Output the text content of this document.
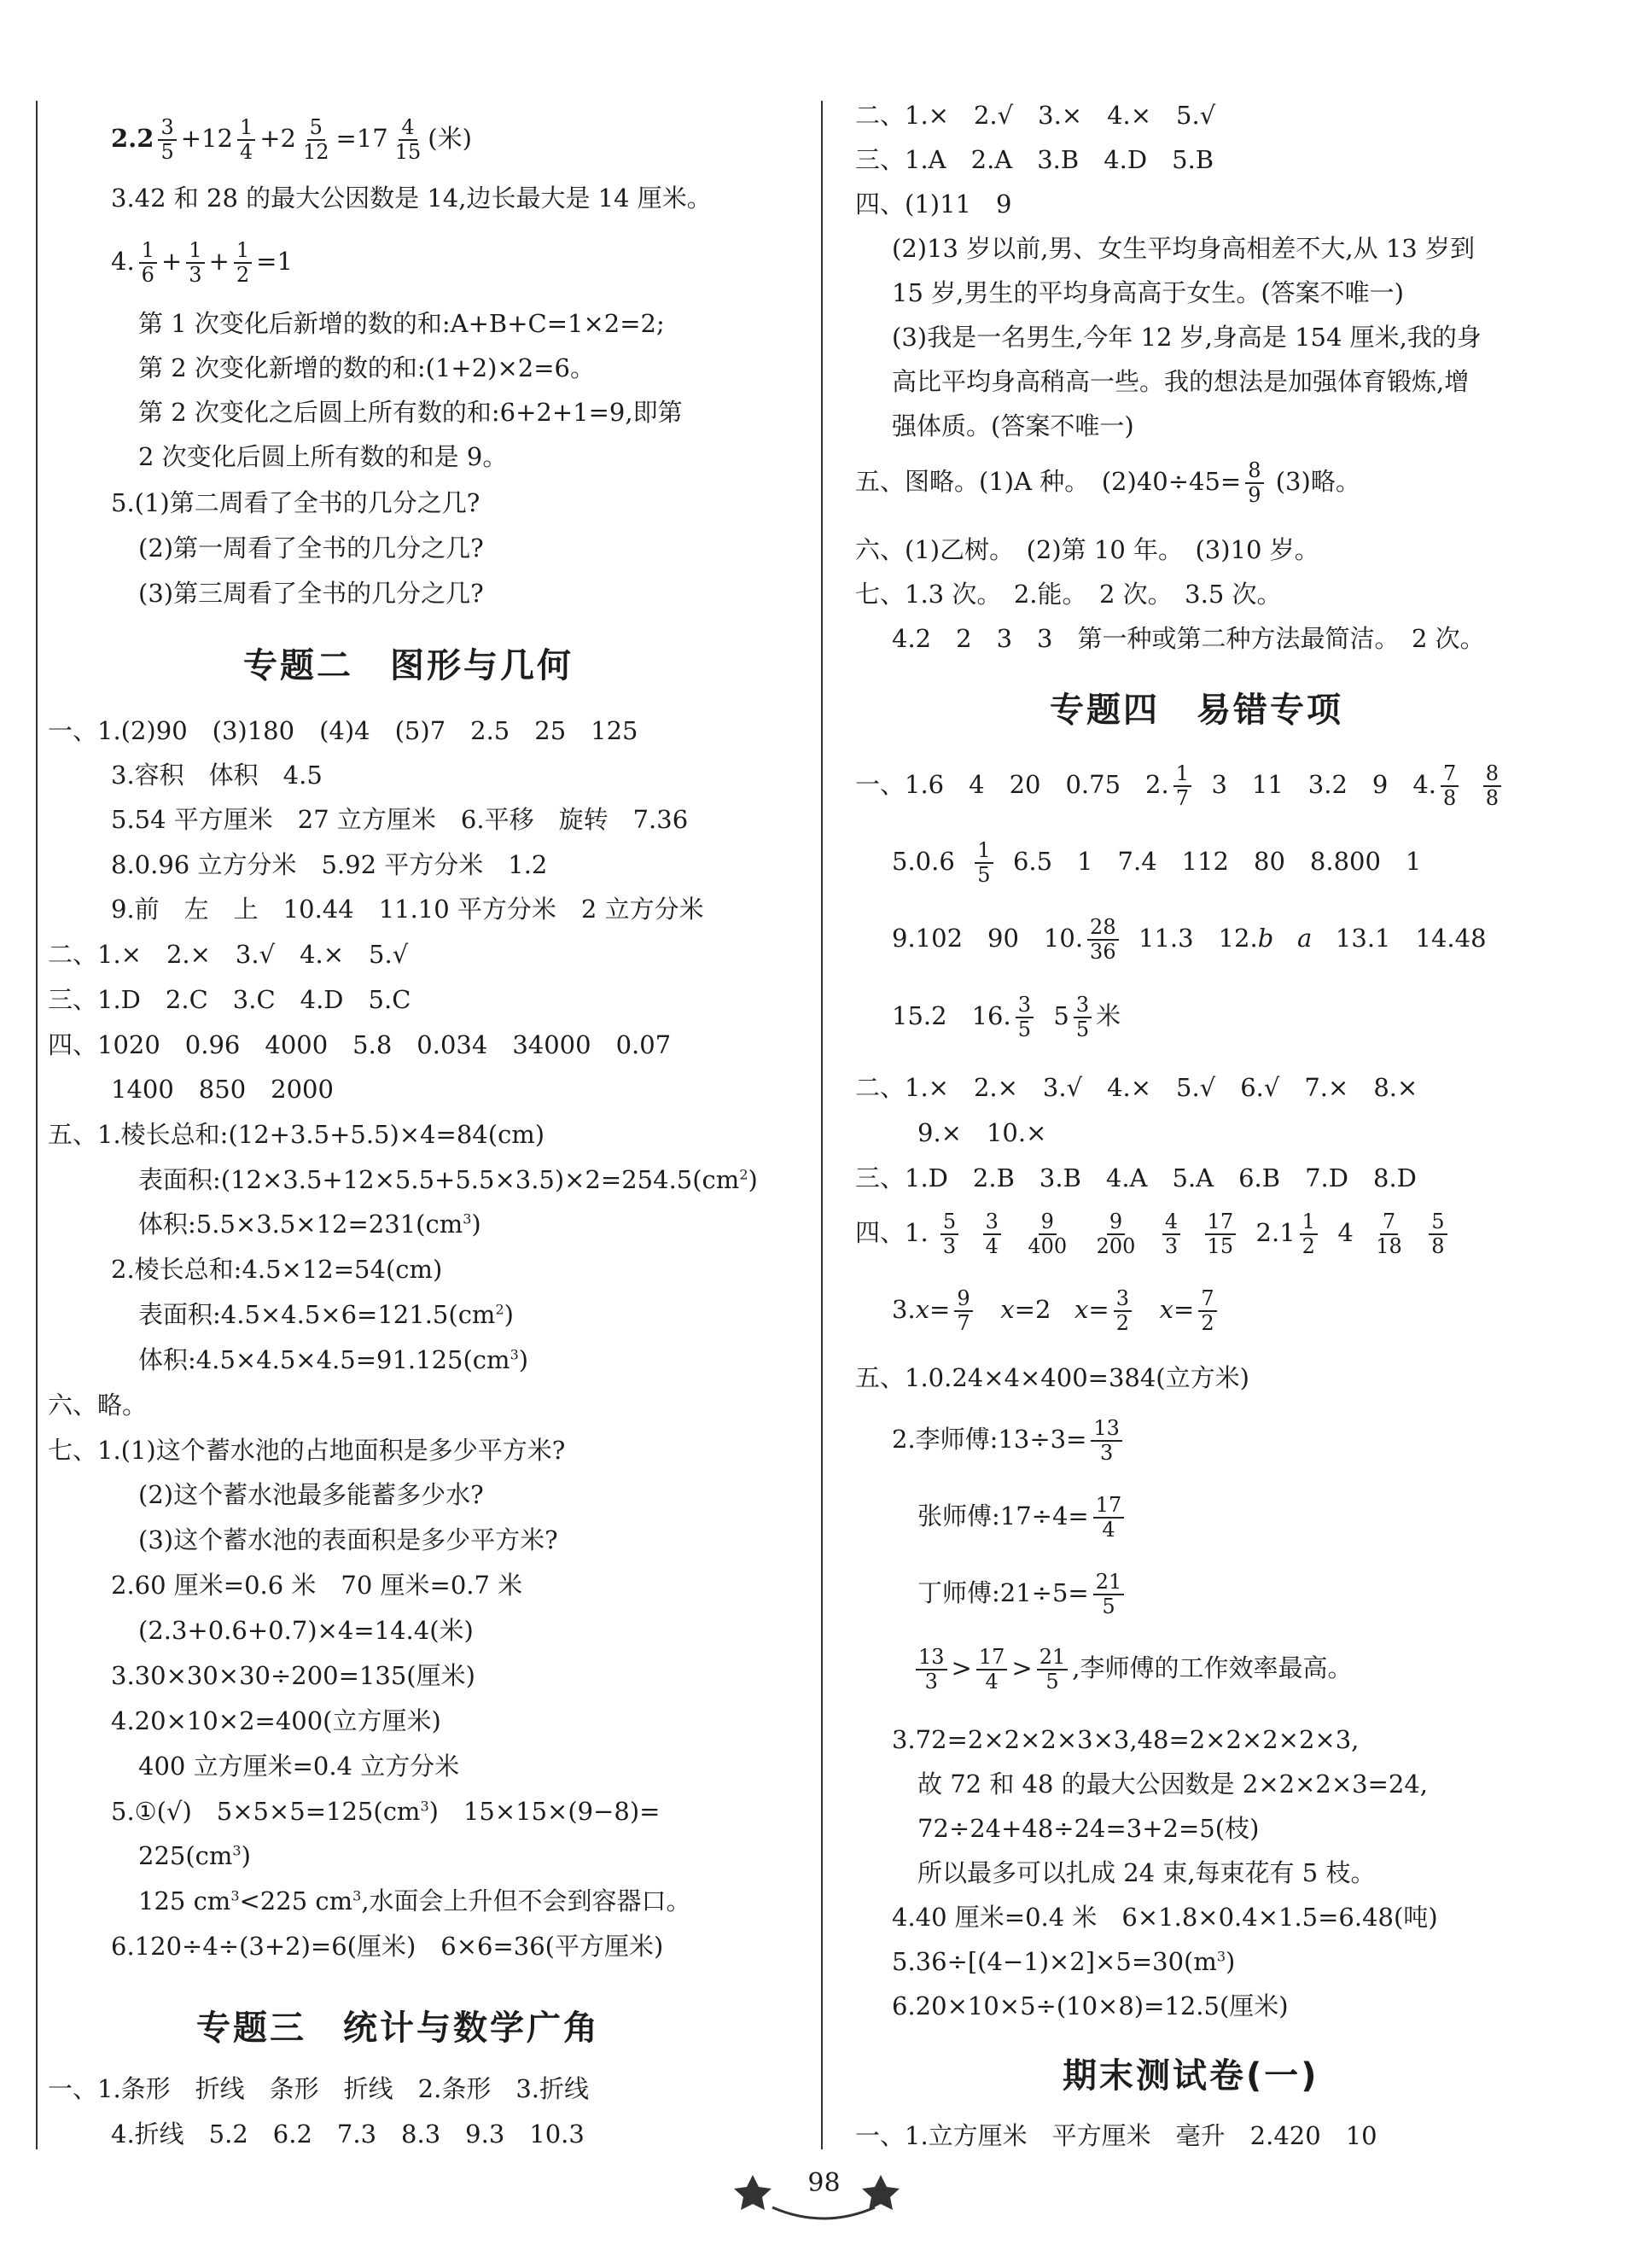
$2.2 \frac{3}{5} +12 \frac{1}{4} +2 \frac{5}{12} =17 \frac{4}{15}$ (米)
3.42 和 28 的最大公因数是 14,边长最大是 14 厘米。
4. $\frac{1}{6} + \frac{1}{3} + \frac{1}{2} =1$
第 1 次变化后新增的数的和:A+B+C=1×2=2;
第 2 次变化新增的数的和:(1+2)×2=6。
第 2 次变化之后圆上所有数的和:6+2+1=9,即第
2 次变化后圆上所有数的和是 9。
5.(1)第二周看了全书的几分之几?
(2)第一周看了全书的几分之几?
(3)第三周看了全书的几分之几?
专题二　图形与几何
一、1.(2)90　(3)180　(4)4　(5)7　2.5　25　125
3.容积　体积　4.5
5.54 平方厘米　27 立方厘米　6.平移　旋转　7.36
8.0.96 立方分米　5.92 平方分米　1.2
9.前　左　上　10.44　11.10 平方分米　2 立方分米
二、1.×　2.×　3.√　4.×　5.√
三、1.D　2.C　3.C　4.D　5.C
四、1020　0.96　4000　5.8　0.034　34000　0.07
1400　850　2000
五、1.棱长总和:(12+3.5+5.5)×4=84(cm)
表面积$:(12\times 3.5+12\times 5.5+5.5\times 3.5)\times 2=254.5(cm^2)$
体积$:5.5\times 3.5\times 12=231(cm^3)$
2.棱长总和:4.5×12=54(cm)
表面积$:4.5\times 4.5\times 6=121.5(cm^2)$
体积$:4.5\times 4.5\times 4.5=91.125(cm^3)$
六、略。
七、1.(1)这个蓄水池的占地面积是多少平方米?
(2)这个蓄水池最多能蓄多少水?
(3)这个蓄水池的表面积是多少平方米?
2.60 厘米=0.6 米　70 厘米=0.7 米
(2.3+0.6+0.7)×4=14.4(米)
3.30×30×30÷200=135(厘米)
4.20×10×2=400(立方厘米)
400 立方厘米=0.4 立方分米
5.①(√)　$5\times 5\times 5=125(cm^3)$　15×15×(9−8)=
$225(cm^3)$
125 $cm^3<225$ $cm^3$,水面会上升但不会到容器口。
6.120÷4÷(3+2)=6(厘米)　6×6=36(平方厘米)
专题三　统计与数学广角
一、1.条形　折线　条形　折线　2.条形　3.折线
4.折线　5.2　6.2　7.3　8.3　9.3　10.3
二、1.×　2.√　3.×　4.×　5.√
三、1.A　2.A　3.B　4.D　5.B
四、(1)11　9
(2)13 岁以前,男、女生平均身高相差不大,从 13 岁到
15 岁,男生的平均身高高于女生。(答案不唯一)
(3)我是一名男生,今年 12 岁,身高是 154 厘米,我的身
高比平均身高稍高一些。我的想法是加强体育锻炼,增
强体质。(答案不唯一)
五、图略。(1)A 种。　$(2)40\div 45= \frac{8}{9} (3)$略。
六、(1)乙树。　(2)第 10 年。　(3)10 岁。
七、1.3 次。　2.能。　2 次。　3.5 次。
4.2　2　3　3　第一种或第二种方法最简洁。　2 次。
专题四　易错专项
一、1.6　4　20　0.75　2. $\frac{1}{7} 3$　11　3.2　9　4. $\frac{7}{8}$
$\frac{8}{8}$
$5.0.6 \frac{1}{5} 6.5$　1　7.4　112　80　8.800　1
9.102　90　10. $\frac{28}{36} 11.3$　12.b a 13.1　14.48
15.2　16. $\frac{3}{5} 5 \frac{3}{5}$ 米
二、1.×　2.×　3.√　4.×　5.√　6.√　7.×　8.×
9.×　10.×
三、1.D　2.B　3.B　4.A　5.A　6.B　7.D　8.D
四、1. $\frac{5}{3}$
$\frac{3}{4}$
$\frac{9}{400}$
$\frac{9}{200}$
$\frac{4}{3}$
$\frac{17}{15} 2.1 \frac{1}{2} 4 \frac{7}{18}$
$\frac{5}{8}$
$3.x= \frac{9}{7} x=2$ $x= \frac{3}{2} x= \frac{7}{2}$
五、1.0.24×4×400=384(立方米)
2.李师傅:13÷3= $\frac{13}{3}$
张师傅:17÷4= $\frac{17}{4}$
丁师傅:21÷5= $\frac{21}{5}$
$\frac{13}{3} > \frac{17}{4} > \frac{21}{5}$ ,李师傅的工作效率最高。
3.72=2×2×2×3×3,48=2×2×2×2×3,
故 72 和 48 的最大公因数是 2×2×2×3=24,
72÷24+48÷24=3+2=5(枝)
所以最多可以扎成 24 束,每束花有 5 枝。
4.40 厘米=0.4 米　6×1.8×0.4×1.5=6.48(吨)
$5.36\div[(4-1)\times 2]\times 5=30(m^3)$
6.20×10×5÷(10×8)=12.5(厘米)
期末测试卷(一)
一、1.立方厘米　平方厘米　毫升　2.420　10
98
